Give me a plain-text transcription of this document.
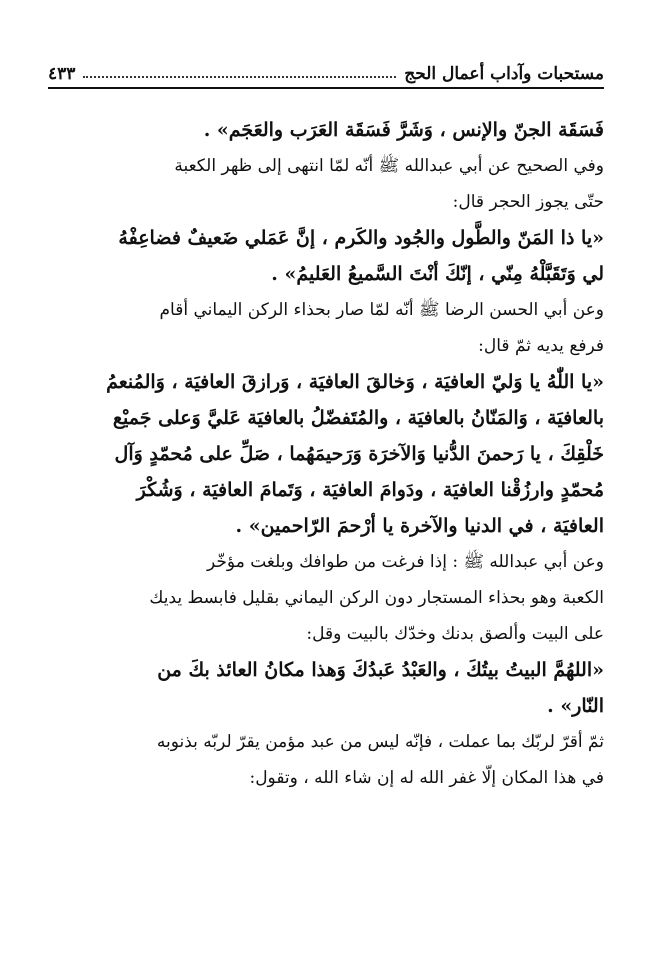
مستحبات وآداب أعمال الحج
٤٣٣
فَسَقَة الجنّ والإنس ، وَشَرَّ فَسَقَة العَرَب والعَجَم» .
وفي الصحيح عن أبي عبدالله ﷺ أنّه لمّا انتهى إلى ظهر الكعبة
حتّى يجوز الحجر قال:
«يا ذا المَنّ والطَّول والجُود والكَرم ، إنَّ عَمَلي ضَعيفٌ فضاعِفْهُ
لي وَتَقَبَّلْهُ مِنّي ، إنّكَ أنْتَ السَّميعُ العَليمُ» .
وعن أبي الحسن الرضا ﷺ أنّه لمّا صار بحذاء الركن اليماني أقام
فرفع يديه ثمّ قال:
«يا اللّٰهُ يا وَليّ العافيَة ، وَخالقَ العافيَة ، وَرازقَ العافيَة ، وَالمُنعمُ
بالعافيَة ، وَالمَنّانُ بالعافيَة ، والمُتَفضّلُ بالعافيَة عَليَّ وَعلى جَميْع
خَلْقِكَ ، يا رَحمنَ الدُّنيا وَالآخرَة وَرَحيمَهُما ، صَلِّ على مُحمّدٍ وَآل
مُحمّدٍ وارزُقْنا العافيَة ، ودَوامَ العافيَة ، وَتَمامَ العافيَة ، وَشُكْرَ
العافيَة ، في الدنيا والآخرة يا أرْحمَ الرّاحمين» .
وعن أبي عبدالله ﷺ : إذا فرغت من طوافك وبلغت مؤخّر
الكعبة وهو بحذاء المستجار دون الركن اليماني بقليل فابسط يديك
على البيت وألصق بدنك وخدّك بالبيت وقل:
«اللهُمَّ البيتُ بيتُكَ ، والعَبْدُ عَبدُكَ وَهذا مكانُ العائذ بكَ من
النّار» .
ثمّ أقرّ لربّك بما عملت ، فإنّه ليس من عبد مؤمن يقرّ لربّه بذنوبه
في هذا المكان إلّا غفر الله له إن شاء الله ، وتقول:
